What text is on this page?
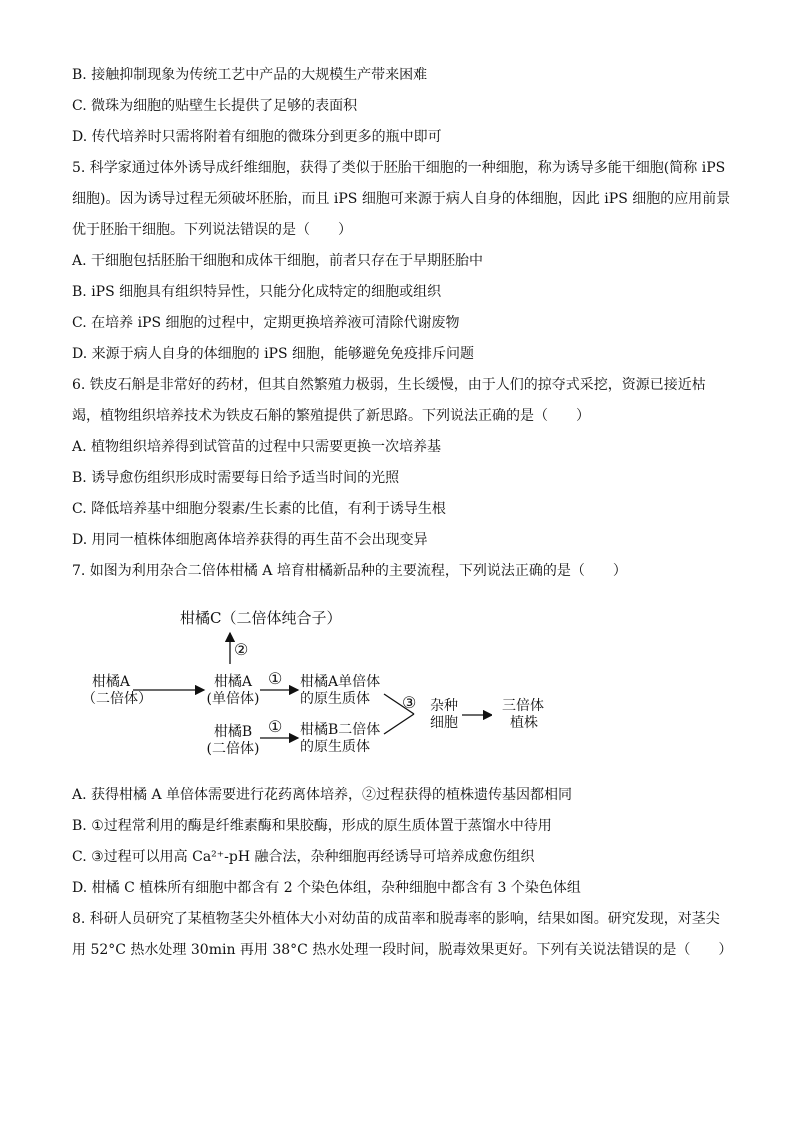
B. 接触抑制现象为传统工艺中产品的大规模生产带来困难
C. 微珠为细胞的贴壁生长提供了足够的表面积
D. 传代培养时只需将附着有细胞的微珠分到更多的瓶中即可
5. 科学家通过体外诱导成纤维细胞，获得了类似于胚胎干细胞的一种细胞，称为诱导多能干细胞(简称 iPS
细胞)。因为诱导过程无须破坏胚胎，而且 iPS 细胞可来源于病人自身的体细胞，因此 iPS 细胞的应用前景
优于胚胎干细胞。下列说法错误的是（　　）
A. 干细胞包括胚胎干细胞和成体干细胞，前者只存在于早期胚胎中
B. iPS 细胞具有组织特异性，只能分化成特定的细胞或组织
C. 在培养 iPS 细胞的过程中，定期更换培养液可清除代谢废物
D. 来源于病人自身的体细胞的 iPS 细胞，能够避免免疫排斥问题
6. 铁皮石斛是非常好的药材，但其自然繁殖力极弱，生长缓慢，由于人们的掠夺式采挖，资源已接近枯
竭，植物组织培养技术为铁皮石斛的繁殖提供了新思路。下列说法正确的是（　　）
A. 植物组织培养得到试管苗的过程中只需要更换一次培养基
B. 诱导愈伤组织形成时需要每日给予适当时间的光照
C. 降低培养基中细胞分裂素/生长素的比值，有利于诱导生根
D. 用同一植株体细胞离体培养获得的再生苗不会出现变异
7. 如图为利用杂合二倍体柑橘 A 培育柑橘新品种的主要流程，下列说法正确的是（　　）
柑橘C（二倍体纯合子）
②
柑橘A
（二倍体）
柑橘A
(单倍体)
① 柑橘A单倍体
的原生质体 ③ 杂种
细胞
柑橘B
(二倍体)
① 柑橘B二倍体
的原生质体
三倍体
植株
A. 获得柑橘 A 单倍体需要进行花药离体培养，②过程获得的植株遗传基因都相同
B. ①过程常利用的酶是纤维素酶和果胶酶，形成的原生质体置于蒸馏水中待用
C. ③过程可以用高 Ca²⁺-pH 融合法，杂种细胞再经诱导可培养成愈伤组织
D. 柑橘 C 植株所有细胞中都含有 2 个染色体组，杂种细胞中都含有 3 个染色体组
8. 科研人员研究了某植物茎尖外植体大小对幼苗的成苗率和脱毒率的影响，结果如图。研究发现，对茎尖
用 52°C 热水处理 30min 再用 38°C 热水处理一段时间，脱毒效果更好。下列有关说法错误的是（　　）
